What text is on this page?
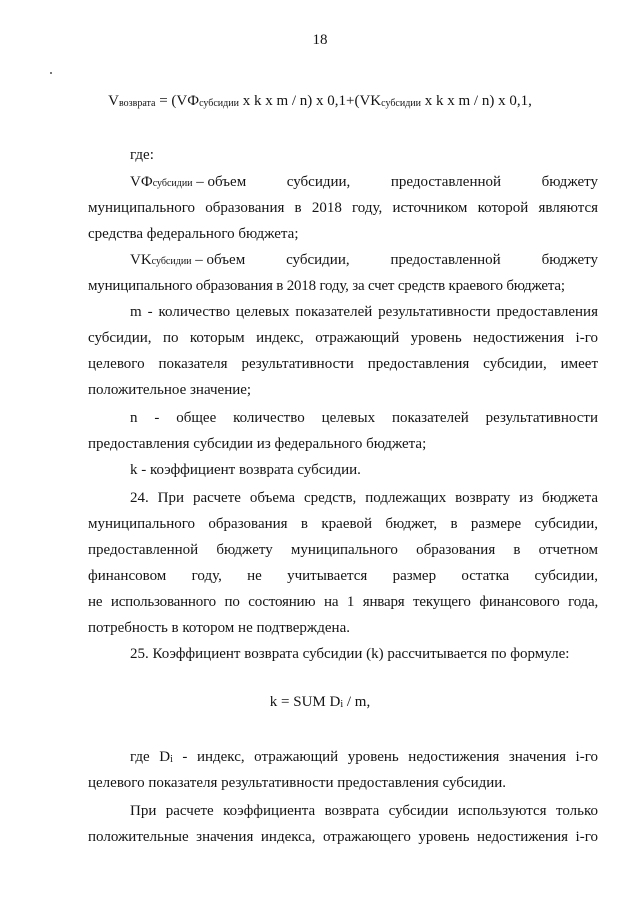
18
Vвозврата = (VФсубсидии x k x m / n) x 0,1+(VKсубсидии x k x m / n) x 0,1,
где:
VФсубсидии – объем	субсидии,	предоставленной	бюджету
муниципального образования в 2018 году, источником которой являются
средства федерального бюджета;
VKсубсидии – объем	субсидии,	предоставленной	бюджету
муниципального образования в 2018 году, за счет средств краевого бюджета;
m - количество целевых показателей результативности предоставления
субсидии, по которым индекс, отражающий уровень недостижения i-го
целевого показателя результативности предоставления субсидии, имеет
положительное значение;
n - общее количество целевых показателей результативности
предоставления субсидии из федерального бюджета;
k - коэффициент возврата субсидии.
24. При расчете объема средств, подлежащих возврату из бюджета
муниципального образования в краевой бюджет, в размере субсидии,
предоставленной бюджету муниципального образования в отчетном
финансовом году, не учитывается размер остатка субсидии,
не использованного по состоянию на 1 января текущего финансового года,
потребность в котором не подтверждена.
25. Коэффициент возврата субсидии (k) рассчитывается по формуле:
k = SUM Di / m,
где Di - индекс, отражающий уровень недостижения значения i-го
целевого показателя результативности предоставления субсидии.
При расчете коэффициента возврата субсидии используются только
положительные значения индекса, отражающего уровень недостижения i-го
